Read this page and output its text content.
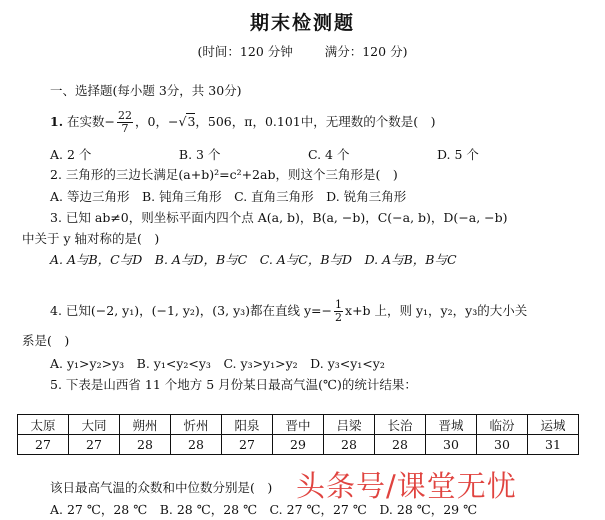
期末检测题
(时间：120 分钟	满分：120 分)
一、选择题(每小题 3分，共 30分)
1. 在实数− $\frac{22}{7}$ ，0，−√3，506，π，0.101中，无理数的个数是(　)
A. 2 个　　　　　　　B. 3 个　　　　　　　C. 4 个　　　　　　　D. 5 个
2. 三角形的三边长满足(a+b)²=c²+2ab，则这个三角形是(　)
A. 等边三角形　B. 钝角三角形　C. 直角三角形　D. 锐角三角形
3. 已知 ab≠0，则坐标平面内四个点 A(a, b)，B(a, −b)，C(−a, b)，D(−a, −b)
中关于 y 轴对称的是(　)
A. A与B，C与D　B. A与D，B与C　C. A与C，B与D　D. A与B，B与C
4. 已知(−2, y₁)，(−1, y₂)，(3, y₃)都在直线 $y=- \frac{1}{2} x+b$ 上，则 y₁，y₂，y₃的大小关
系是(　)
A. y₁>y₂>y₃　B. y₁<y₂<y₃　C. y₃>y₁>y₂　D. y₃<y₁<y₂
5. 下表是山西省 11 个地方 5 月份某日最高气温(℃)的统计结果：
太原	大同	朔州	忻州	阳泉	晋中	吕梁	长治	晋城	临汾	运城
27	27	28	28	27	29	28	28	30	30	31
该日最高气温的众数和中位数分别是(　)
A. 27 ℃，28 ℃　B. 28 ℃，28 ℃　C. 27 ℃，27 ℃　D. 28 ℃，29 ℃
头条号/课堂无忧
